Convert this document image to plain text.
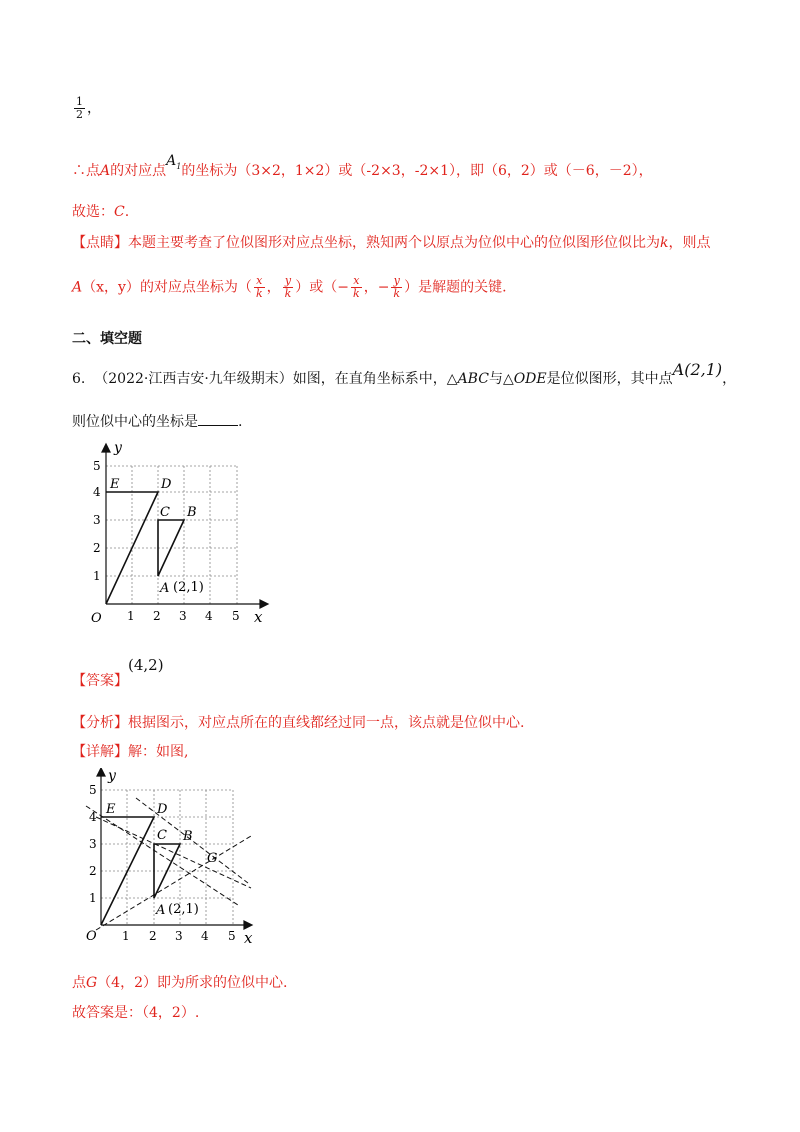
$\frac{1}{2}$ ，
∴点A的对应点$A_1$的坐标为（3×2，1×2）或（-2×3，-2×1），即（6，2）或（－6，－2），
故选：C.
【点睛】本题主要考查了位似图形对应点坐标，熟知两个以原点为位似中心的位似图形位似比为k，则点
A（x，y）的对应点坐标为（ $\frac{x}{k}$ ， $\frac{y}{k}$ ）或（− $\frac{x}{k}$ ，− $\frac{y}{k}$ ）是解题的关键.
二、填空题
6. （2022·江西吉安·九年级期末）如图，在直角坐标系中，△ABC与△ODE是位似图形，其中点A(2,1)，
则位似中心的坐标是	.
y
x
O 1 2 3 4 5
1
2
3
4
5
E	D
C B
A (2,1)
【答案】
(4,2)
【分析】根据图示，对应点所在的直线都经过同一点，该点就是位似中心.
【详解】解：如图,
y
x
O 1 2 3 4 5
1
2
3
4
5
E	D
C B
G
A (2,1)
点G（4，2）即为所求的位似中心.
故答案是：（4，2）.
